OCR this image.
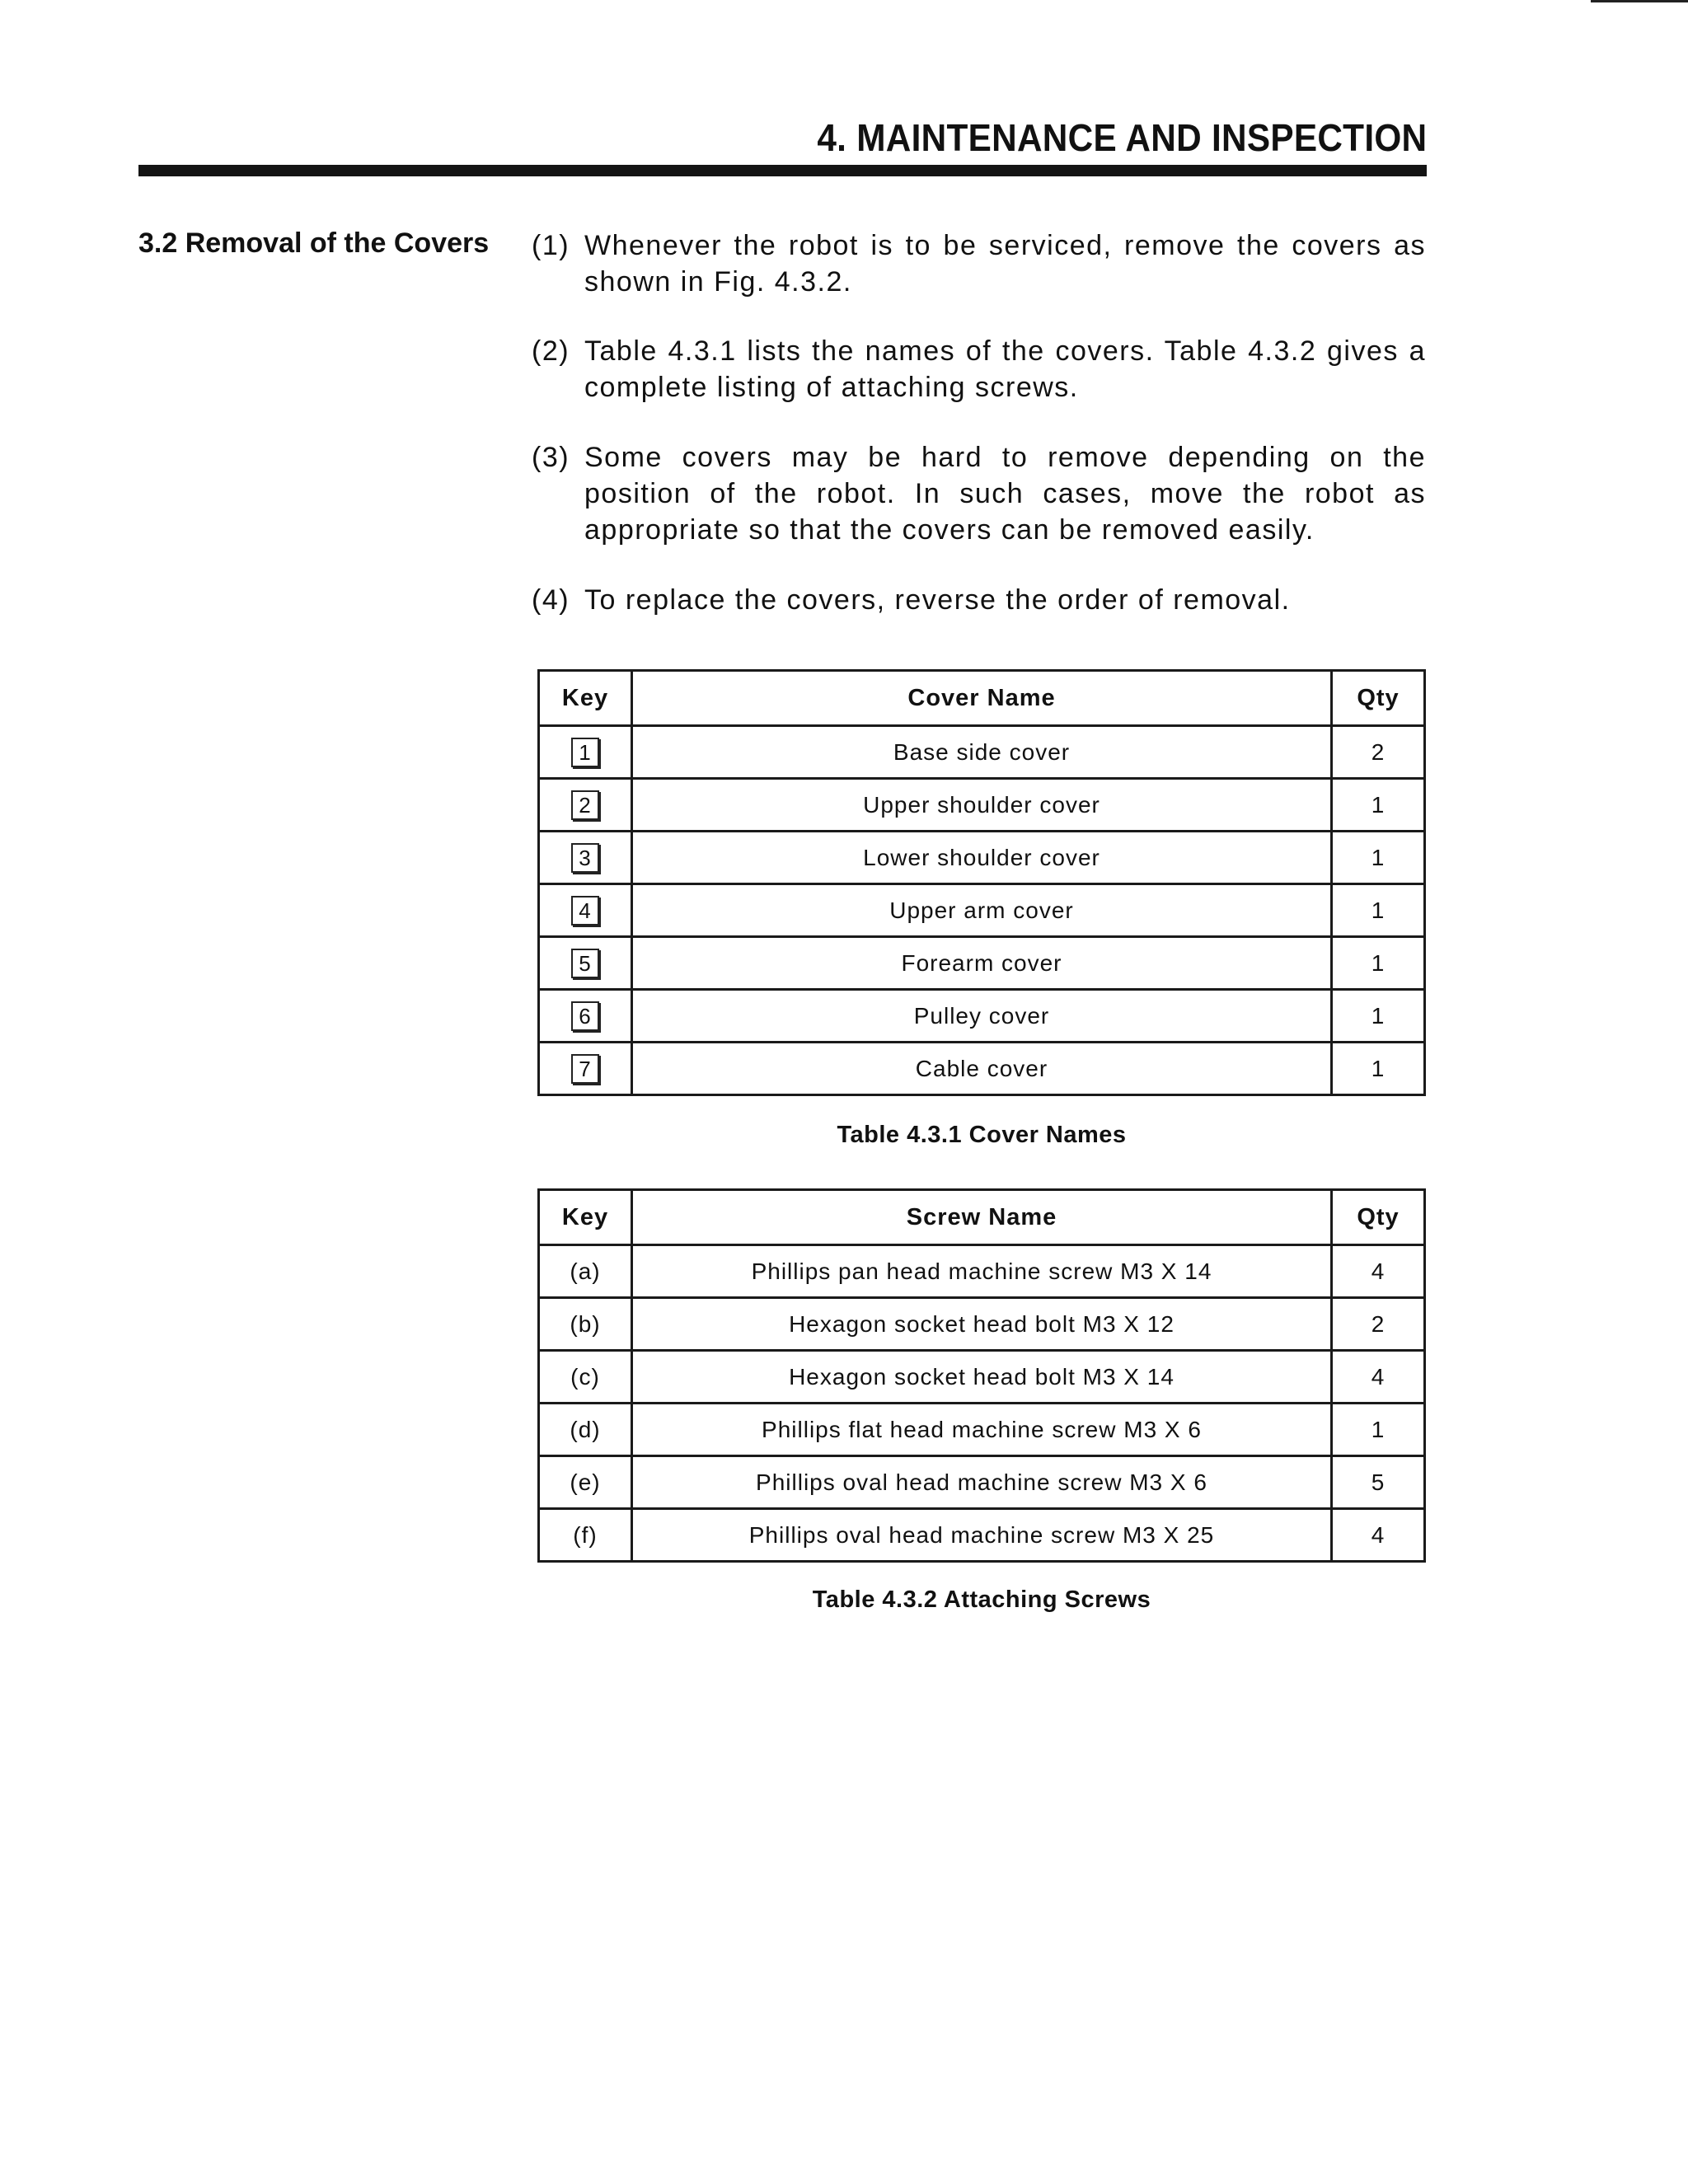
4. MAINTENANCE AND INSPECTION
3.2 Removal of the Covers (1) Whenever the robot is to be serviced, remove the covers as shown in Fig. 4.3.2.
(2) Table 4.3.1 lists the names of the covers. Table 4.3.2 gives a complete listing of attaching screws.
(3) Some covers may be hard to remove depending on the position of the robot. In such cases, move the robot as appropriate so that the covers can be removed easily.
(4) To replace the covers, reverse the order of removal.
Key	Cover Name	Qty
1	Base side cover	2
2	Upper shoulder cover	1
3	Lower shoulder cover	1
4	Upper arm cover	1
5	Forearm cover	1
6	Pulley cover	1
7	Cable cover	1
Table 4.3.1 Cover Names
Key	Screw Name	Qty
(a)	Phillips pan head machine screw M3 X 14	4
(b)	Hexagon socket head bolt M3 X 12	2
(c)	Hexagon socket head bolt M3 X 14	4
(d)	Phillips flat head machine screw M3 X 6	1
(e)	Phillips oval head machine screw M3 X 6	5
(f)	Phillips oval head machine screw M3 X 25	4
Table 4.3.2 Attaching Screws
